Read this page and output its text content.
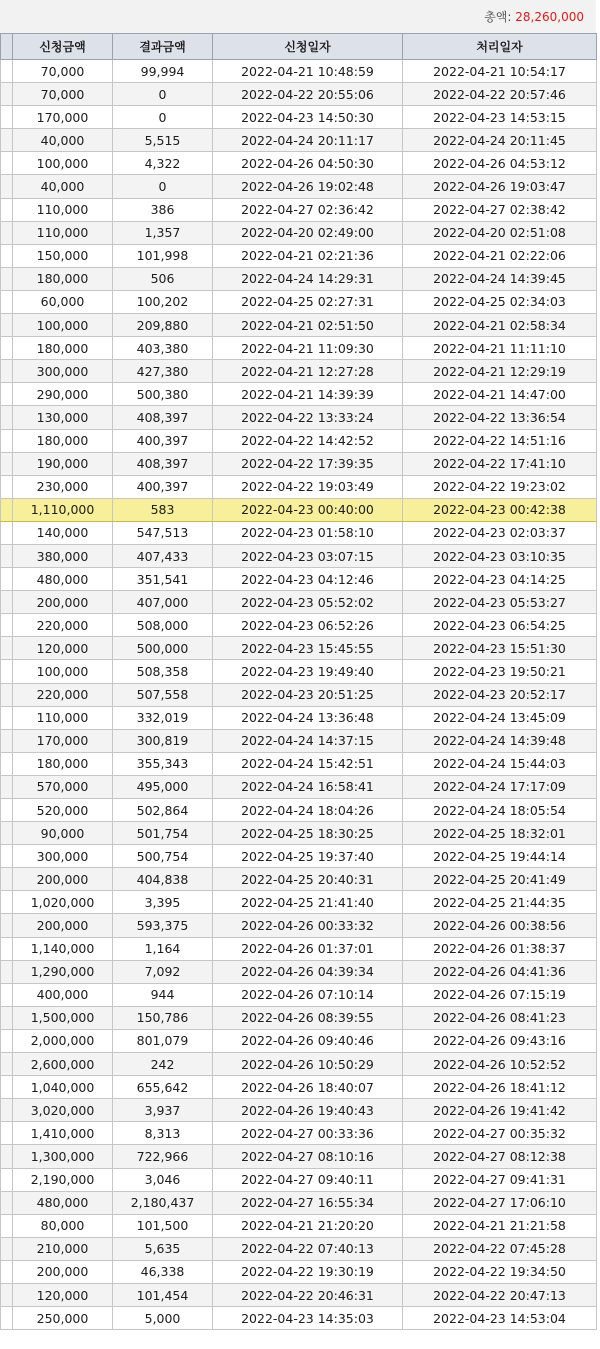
총액: 28,260,000
	신청금액	결과금액	신청일자	처리일자
	70,000	99,994	2022-04-21 10:48:59	2022-04-21 10:54:17
	70,000	0	2022-04-22 20:55:06	2022-04-22 20:57:46
	170,000	0	2022-04-23 14:50:30	2022-04-23 14:53:15
	40,000	5,515	2022-04-24 20:11:17	2022-04-24 20:11:45
	100,000	4,322	2022-04-26 04:50:30	2022-04-26 04:53:12
	40,000	0	2022-04-26 19:02:48	2022-04-26 19:03:47
	110,000	386	2022-04-27 02:36:42	2022-04-27 02:38:42
	110,000	1,357	2022-04-20 02:49:00	2022-04-20 02:51:08
	150,000	101,998	2022-04-21 02:21:36	2022-04-21 02:22:06
	180,000	506	2022-04-24 14:29:31	2022-04-24 14:39:45
	60,000	100,202	2022-04-25 02:27:31	2022-04-25 02:34:03
	100,000	209,880	2022-04-21 02:51:50	2022-04-21 02:58:34
	180,000	403,380	2022-04-21 11:09:30	2022-04-21 11:11:10
	300,000	427,380	2022-04-21 12:27:28	2022-04-21 12:29:19
	290,000	500,380	2022-04-21 14:39:39	2022-04-21 14:47:00
	130,000	408,397	2022-04-22 13:33:24	2022-04-22 13:36:54
	180,000	400,397	2022-04-22 14:42:52	2022-04-22 14:51:16
	190,000	408,397	2022-04-22 17:39:35	2022-04-22 17:41:10
	230,000	400,397	2022-04-22 19:03:49	2022-04-22 19:23:02
	1,110,000	583	2022-04-23 00:40:00	2022-04-23 00:42:38
	140,000	547,513	2022-04-23 01:58:10	2022-04-23 02:03:37
	380,000	407,433	2022-04-23 03:07:15	2022-04-23 03:10:35
	480,000	351,541	2022-04-23 04:12:46	2022-04-23 04:14:25
	200,000	407,000	2022-04-23 05:52:02	2022-04-23 05:53:27
	220,000	508,000	2022-04-23 06:52:26	2022-04-23 06:54:25
	120,000	500,000	2022-04-23 15:45:55	2022-04-23 15:51:30
	100,000	508,358	2022-04-23 19:49:40	2022-04-23 19:50:21
	220,000	507,558	2022-04-23 20:51:25	2022-04-23 20:52:17
	110,000	332,019	2022-04-24 13:36:48	2022-04-24 13:45:09
	170,000	300,819	2022-04-24 14:37:15	2022-04-24 14:39:48
	180,000	355,343	2022-04-24 15:42:51	2022-04-24 15:44:03
	570,000	495,000	2022-04-24 16:58:41	2022-04-24 17:17:09
	520,000	502,864	2022-04-24 18:04:26	2022-04-24 18:05:54
	90,000	501,754	2022-04-25 18:30:25	2022-04-25 18:32:01
	300,000	500,754	2022-04-25 19:37:40	2022-04-25 19:44:14
	200,000	404,838	2022-04-25 20:40:31	2022-04-25 20:41:49
	1,020,000	3,395	2022-04-25 21:41:40	2022-04-25 21:44:35
	200,000	593,375	2022-04-26 00:33:32	2022-04-26 00:38:56
	1,140,000	1,164	2022-04-26 01:37:01	2022-04-26 01:38:37
	1,290,000	7,092	2022-04-26 04:39:34	2022-04-26 04:41:36
	400,000	944	2022-04-26 07:10:14	2022-04-26 07:15:19
	1,500,000	150,786	2022-04-26 08:39:55	2022-04-26 08:41:23
	2,000,000	801,079	2022-04-26 09:40:46	2022-04-26 09:43:16
	2,600,000	242	2022-04-26 10:50:29	2022-04-26 10:52:52
	1,040,000	655,642	2022-04-26 18:40:07	2022-04-26 18:41:12
	3,020,000	3,937	2022-04-26 19:40:43	2022-04-26 19:41:42
	1,410,000	8,313	2022-04-27 00:33:36	2022-04-27 00:35:32
	1,300,000	722,966	2022-04-27 08:10:16	2022-04-27 08:12:38
	2,190,000	3,046	2022-04-27 09:40:11	2022-04-27 09:41:31
	480,000	2,180,437	2022-04-27 16:55:34	2022-04-27 17:06:10
	80,000	101,500	2022-04-21 21:20:20	2022-04-21 21:21:58
	210,000	5,635	2022-04-22 07:40:13	2022-04-22 07:45:28
	200,000	46,338	2022-04-22 19:30:19	2022-04-22 19:34:50
	120,000	101,454	2022-04-22 20:46:31	2022-04-22 20:47:13
	250,000	5,000	2022-04-23 14:35:03	2022-04-23 14:53:04
